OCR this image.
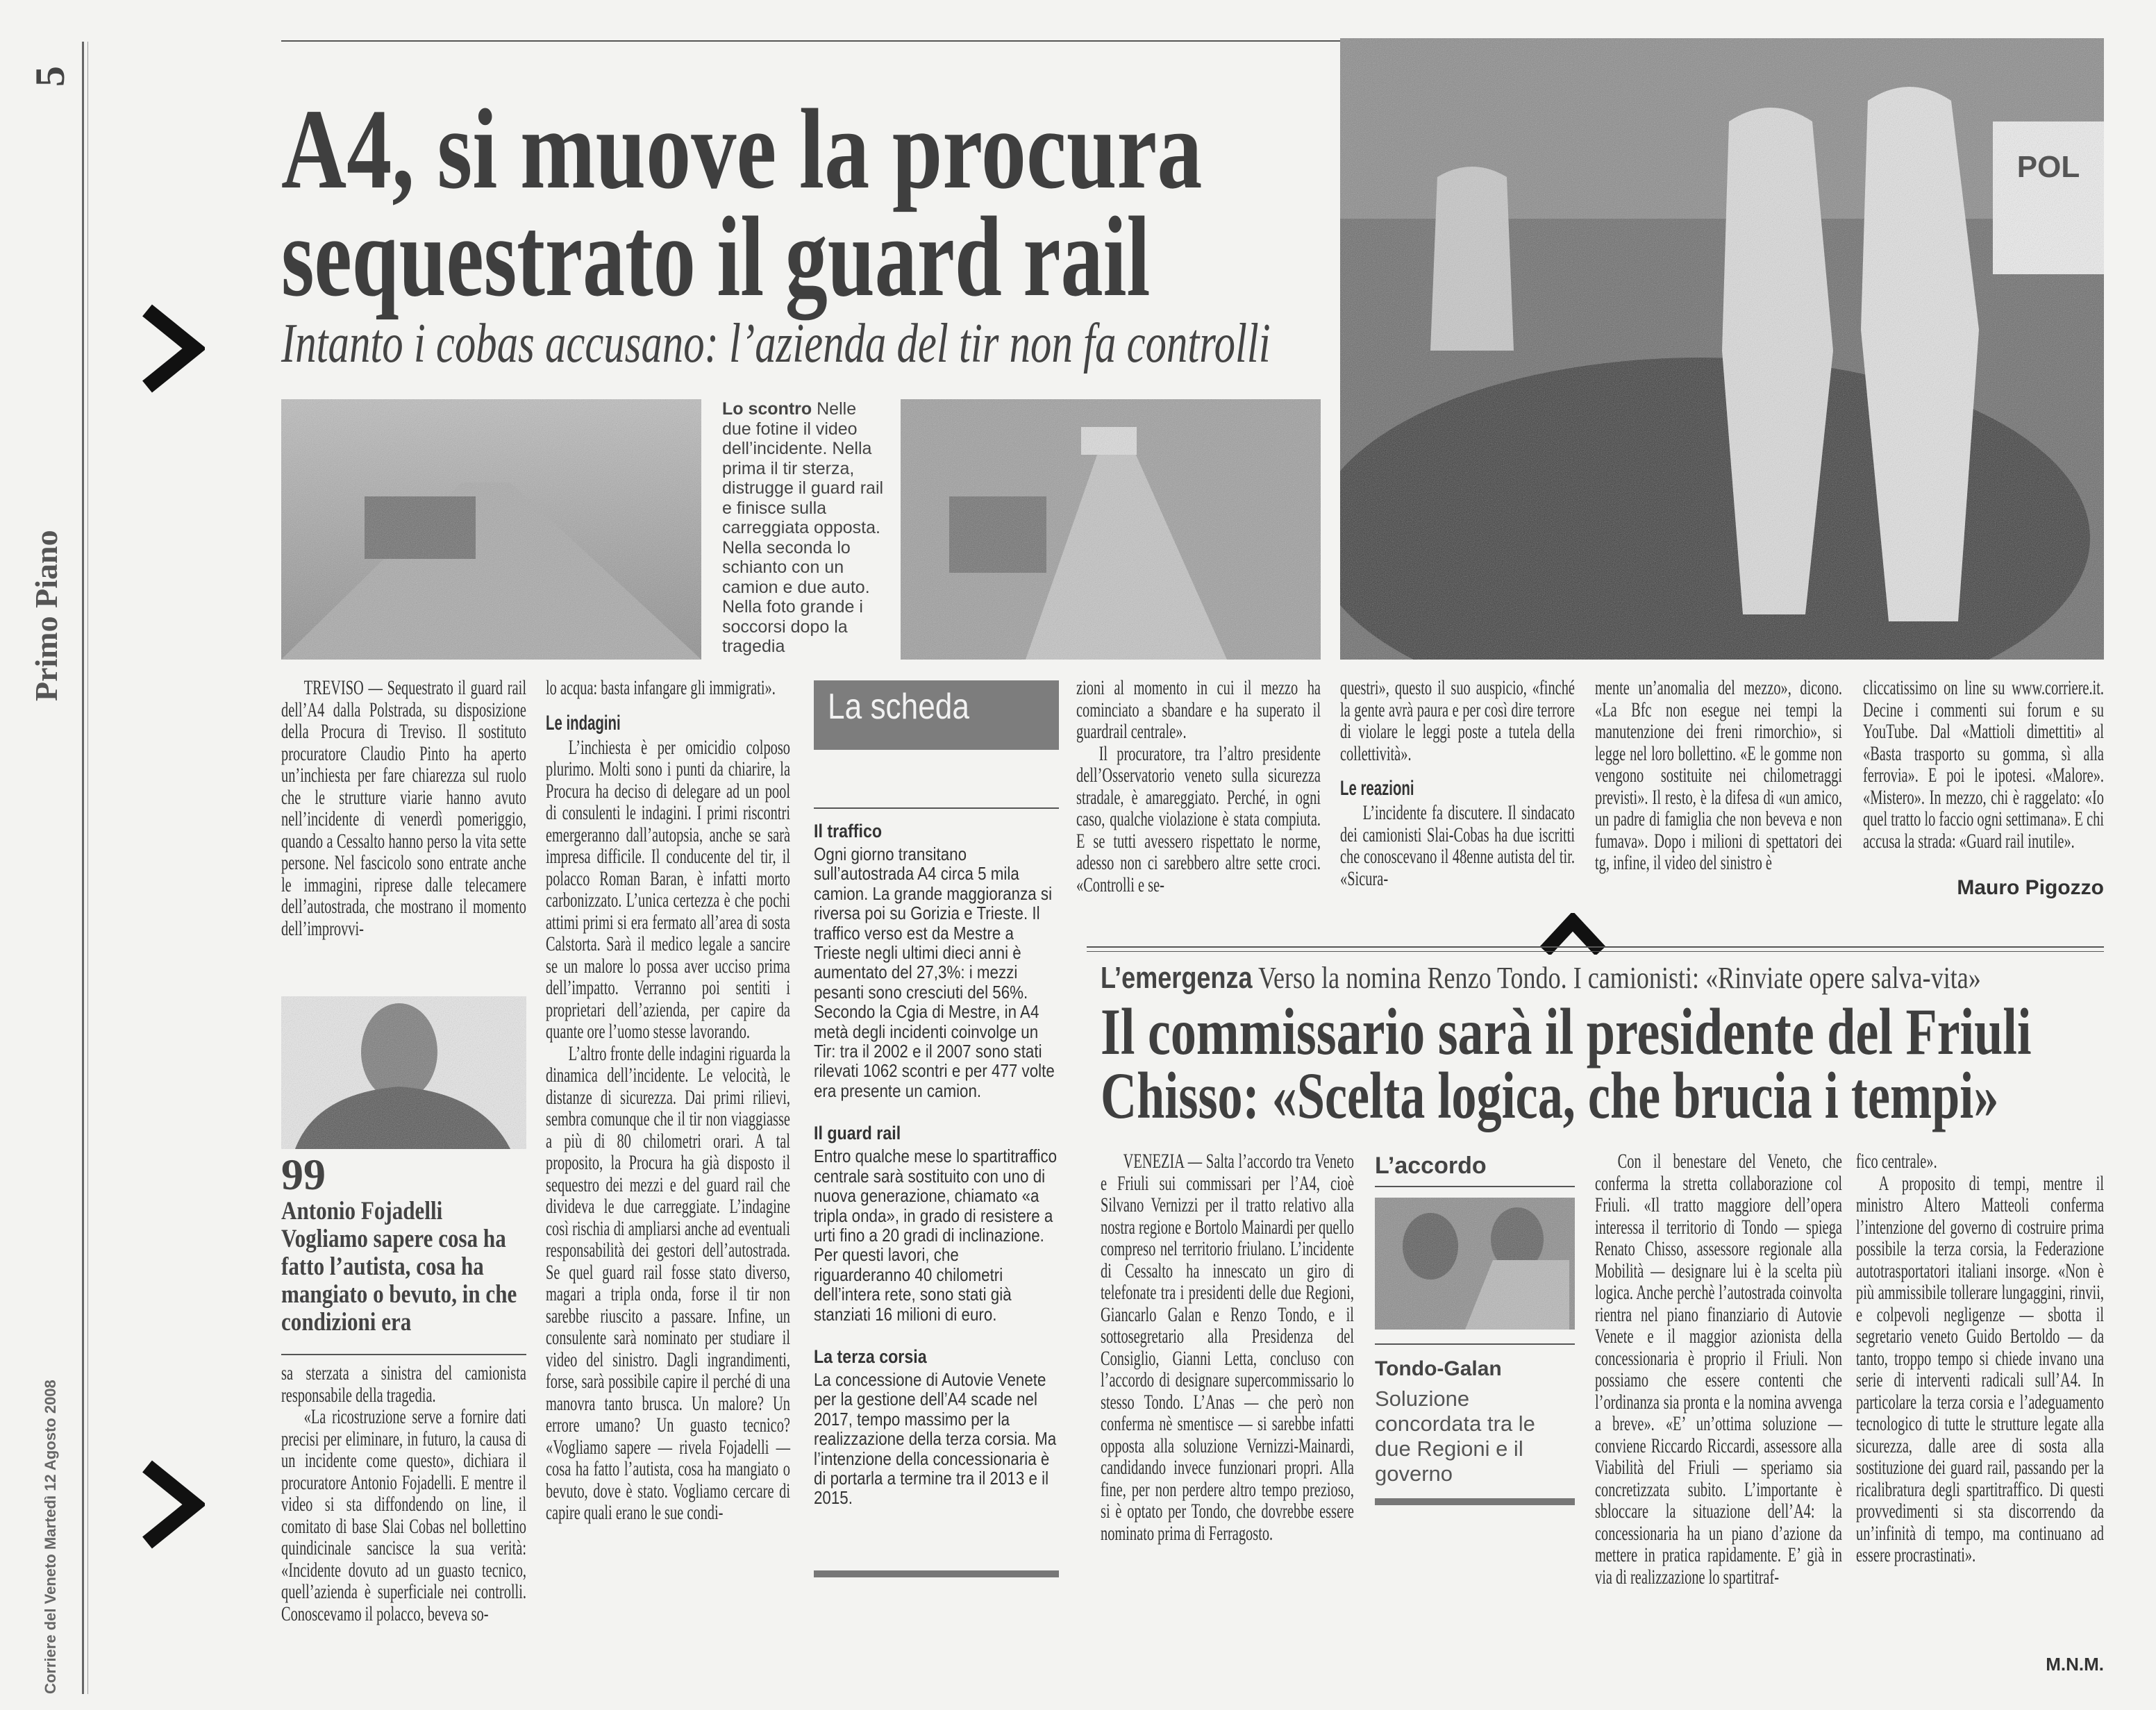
5
Primo Piano
Corriere del Veneto Martedì 12 Agosto 2008
A4, si muove la procura
sequestrato il guard rail
Intanto i cobas accusano: l’azienda del tir non fa controlli
Lo scontro Nelle due fotine il video dell’incidente. Nella prima il tir sterza, distrugge il guard rail e finisce sulla carreggiata opposta. Nella seconda lo schianto con un camion e due auto. Nella foto grande i soccorsi dopo la tragedia
POL

TREVISO — Sequestrato il guard rail dell’A4 dalla Polstrada, su disposizione della Procura di Treviso. Il sostituto procuratore Claudio Pinto ha aperto un’inchiesta per fare chiarezza sul ruolo che le strutture viarie hanno avuto nell’incidente di venerdì pomeriggio, quando a Cessalto hanno perso la vita sette persone. Nel fascicolo sono entrate anche le immagini, riprese dalle telecamere dell’autostrada, che mostrano il momento dell’improvvi-

99
Antonio Fojadelli
Vogliamo sapere cosa ha fatto l’autista, cosa ha mangiato o bevuto, in che condizioni era

sa sterzata a sinistra del camionista responsabile della tragedia.

«La ricostruzione serve a fornire dati precisi per eliminare, in futuro, la causa di un incidente come questo», dichiara il procuratore Antonio Fojadelli. E mentre il video si sta diffondendo on line, il comitato di base Slai Cobas nel bollettino quindicinale sancisce la sua verità: «Incidente dovuto ad un guasto tecnico, quell’azienda è superficiale nei controlli. Conoscevamo il polacco, beveva so-

lo acqua: basta infangare gli immigrati».

Le indagini

L’inchiesta è per omicidio colposo plurimo. Molti sono i punti da chiarire, la Procura ha deciso di delegare ad un pool di consulenti le indagini. I primi riscontri emergeranno dall’autopsia, anche se sarà impresa difficile. Il conducente del tir, il polacco Roman Baran, è infatti morto carbonizzato. L’unica certezza è che pochi attimi primi si era fermato all’area di sosta Calstorta. Sarà il medico legale a sancire se un malore lo possa aver ucciso prima dell’impatto. Verranno poi sentiti i proprietari dell’azienda, per capire da quante ore l’uomo stesse lavorando.

L’altro fronte delle indagini riguarda la dinamica dell’incidente. Le velocità, le distanze di sicurezza. Dai primi rilievi, sembra comunque che il tir non viaggiasse a più di 80 chilometri orari. A tal proposito, la Procura ha già disposto il sequestro dei mezzi e del guard rail che divideva le due carreggiate. L’indagine così rischia di ampliarsi anche ad eventuali responsabilità dei gestori dell’autostrada. Se quel guard rail fosse stato diverso, magari a tripla onda, forse il tir non sarebbe riuscito a passare. Infine, un consulente sarà nominato per studiare il video del sinistro. Dagli ingrandimenti, forse, sarà possibile capire il perché di una manovra tanto brusca. Un malore? Un errore umano? Un guasto tecnico? «Vogliamo sapere — rivela Fojadelli — cosa ha fatto l’autista, cosa ha mangiato o bevuto, dove è stato. Vogliamo cercare di capire quali erano le sue condi-

La scheda
Il traffico

Ogni giorno transitano sull’autostrada A4 circa 5 mila camion. La grande maggioranza si riversa poi su Gorizia e Trieste. Il traffico verso est da Mestre a Trieste negli ultimi dieci anni è aumentato del 27,3%: i mezzi pesanti sono cresciuti del 56%. Secondo la Cgia di Mestre, in A4 metà degli incidenti coinvolge un Tir: tra il 2002 e il 2007 sono stati rilevati 1062 scontri e per 477 volte era presente un camion.

Il guard rail

Entro qualche mese lo spartitraffico centrale sarà sostituito con uno di nuova generazione, chiamato «a tripla onda», in grado di resistere a urti fino a 20 gradi di inclinazione. Per questi lavori, che riguarderanno 40 chilometri dell’intera rete, sono stati già stanziati 16 milioni di euro.

La terza corsia

La concessione di Autovie Venete per la gestione dell’A4 scade nel 2017, tempo massimo per la realizzazione della terza corsia. Ma l’intenzione della concessionaria è di portarla a termine tra il 2013 e il 2015.

zioni al momento in cui il mezzo ha cominciato a sbandare e ha superato il guardrail centrale».

Il procuratore, tra l’altro presidente dell’Osservatorio veneto sulla sicurezza stradale, è amareggiato. Perché, in ogni caso, qualche violazione è stata compiuta. E se tutti avessero rispettato le norme, adesso non ci sarebbero altre sette croci. «Controlli e se-

questri», questo il suo auspicio, «finché la gente avrà paura e per così dire terrore di violare le leggi poste a tutela della collettività».

Le reazioni

L’incidente fa discutere. Il sindacato dei camionisti Slai-Cobas ha due iscritti che conoscevano il 48enne autista del tir. «Sicura-

mente un’anomalia del mezzo», dicono. «La Bfc non esegue nei tempi la manutenzione dei freni rimorchio», si legge nel loro bollettino. «E le gomme non vengono sostituite nei chilometraggi previsti». Il resto, è la difesa di «un amico, un padre di famiglia che non beveva e non fumava». Dopo i milioni di spettatori dei tg, infine, il video del sinistro è

cliccatissimo on line su www.corriere.it. Decine i commenti sui forum e su YouTube. Dal «Mattioli dimettiti» al «Basta trasporto su gomma, sì alla ferrovia». E poi le ipotesi. «Malore». «Mistero». In mezzo, chi è raggelato: «Io quel tratto lo faccio ogni settimana». E chi accusa la strada: «Guard rail inutile».

Mauro Pigozzo
L’emergenza Verso la nomina Renzo Tondo. I camionisti: «Rinviate opere salva-vita»
Il commissario sarà il presidente del Friuli
Chisso: «Scelta logica, che brucia i tempi»

VENEZIA — Salta l’accordo tra Veneto e Friuli sui commissari per l’A4, cioè Silvano Vernizzi per il tratto relativo alla nostra regione e Bortolo Mainardi per quello compreso nel territorio friulano. L’incidente di Cessalto ha innescato un giro di telefonate tra i presidenti delle due Regioni, Giancarlo Galan e Renzo Tondo, e il sottosegretario alla Presidenza del Consiglio, Gianni Letta, concluso con l’accordo di designare supercommissario lo stesso Tondo. L’Anas — che però non conferma nè smentisce — si sarebbe infatti opposta alla soluzione Vernizzi-Mainardi, candidando invece funzionari propri. Alla fine, per non perdere altro tempo prezioso, si è optato per Tondo, che dovrebbe essere nominato prima di Ferragosto.

L’accordo
Tondo-Galan
Soluzione concordata tra le due Regioni e il governo

Con il benestare del Veneto, che conferma la stretta collaborazione col Friuli. «Il tratto maggiore dell’opera interessa il territorio di Tondo — spiega Renato Chisso, assessore regionale alla Mobilità — designare lui è la scelta più logica. Anche perchè l’autostrada coinvolta rientra nel piano finanziario di Autovie Venete e il maggior azionista della concessionaria è proprio il Friuli. Non possiamo che essere contenti che l’ordinanza sia pronta e la nomina avvenga a breve». «E’ un’ottima soluzione — conviene Riccardo Riccardi, assessore alla Viabilità del Friuli — speriamo sia concretizzata subito. L’importante è sbloccare la situazione dell’A4: la concessionaria ha un piano d’azione da mettere in pratica rapidamente. E’ già in via di realizzazione lo spartitraf-

fico centrale».

A proposito di tempi, mentre il ministro Altero Matteoli conferma l’intenzione del governo di costruire prima possibile la terza corsia, la Federazione autotrasportatori italiani insorge. «Non è più ammissibile tollerare lungaggini, rinvii, e colpevoli negligenze — sbotta il segretario veneto Guido Bertoldo — da tanto, troppo tempo si chiede invano una serie di interventi radicali sull’A4. In particolare la terza corsia e l’adeguamento tecnologico di tutte le strutture legate alla sicurezza, dalle aree di sosta alla sostituzione dei guard rail, passando per la ricalibratura degli spartitraffico. Di questi provvedimenti si sta discorrendo da un’infinità di tempo, ma continuano ad essere procrastinati».

M.N.M.
